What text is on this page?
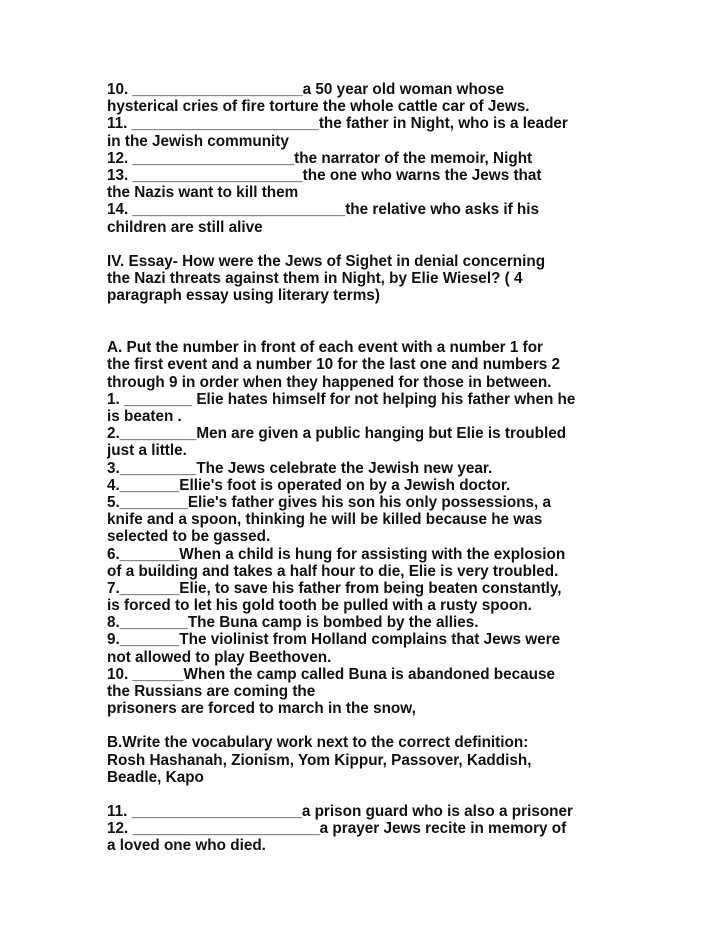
10. ____________________a 50 year old woman whose
hysterical cries of fire torture the whole cattle car of Jews.
11. ______________________the father in Night, who is a leader
in the Jewish community
12. ___________________the narrator of the memoir, Night
13. ____________________the one who warns the Jews that
the Nazis want to kill them
14. _________________________the relative who asks if his
children are still alive
IV. Essay- How were the Jews of Sighet in denial concerning
the Nazi threats against them in Night, by Elie Wiesel? ( 4
paragraph essay using literary terms)
A. Put the number in front of each event with a number 1 for
the first event and a number 10 for the last one and numbers 2
through 9 in order when they happened for those in between.
1. ________ Elie hates himself for not helping his father when he
is beaten .
2._________Men are given a public hanging but Elie is troubled
just a little.
3._________The Jews celebrate the Jewish new year.
4._______Ellie's foot is operated on by a Jewish doctor.
5.________Elie's father gives his son his only possessions, a
knife and a spoon, thinking he will be killed because he was
selected to be gassed.
6._______When a child is hung for assisting with the explosion
of a building and takes a half hour to die, Elie is very troubled.
7._______Elie, to save his father from being beaten constantly,
is forced to let his gold tooth be pulled with a rusty spoon.
8.________The Buna camp is bombed by the allies.
9._______The violinist from Holland complains that Jews were
not allowed to play Beethoven.
10. ______When the camp called Buna is abandoned because
the Russians are coming the
prisoners are forced to march in the snow,
B.Write the vocabulary work next to the correct definition:
Rosh Hashanah, Zionism, Yom Kippur, Passover, Kaddish,
Beadle, Kapo
11. ____________________a prison guard who is also a prisoner
12. ______________________a prayer Jews recite in memory of
a loved one who died.
